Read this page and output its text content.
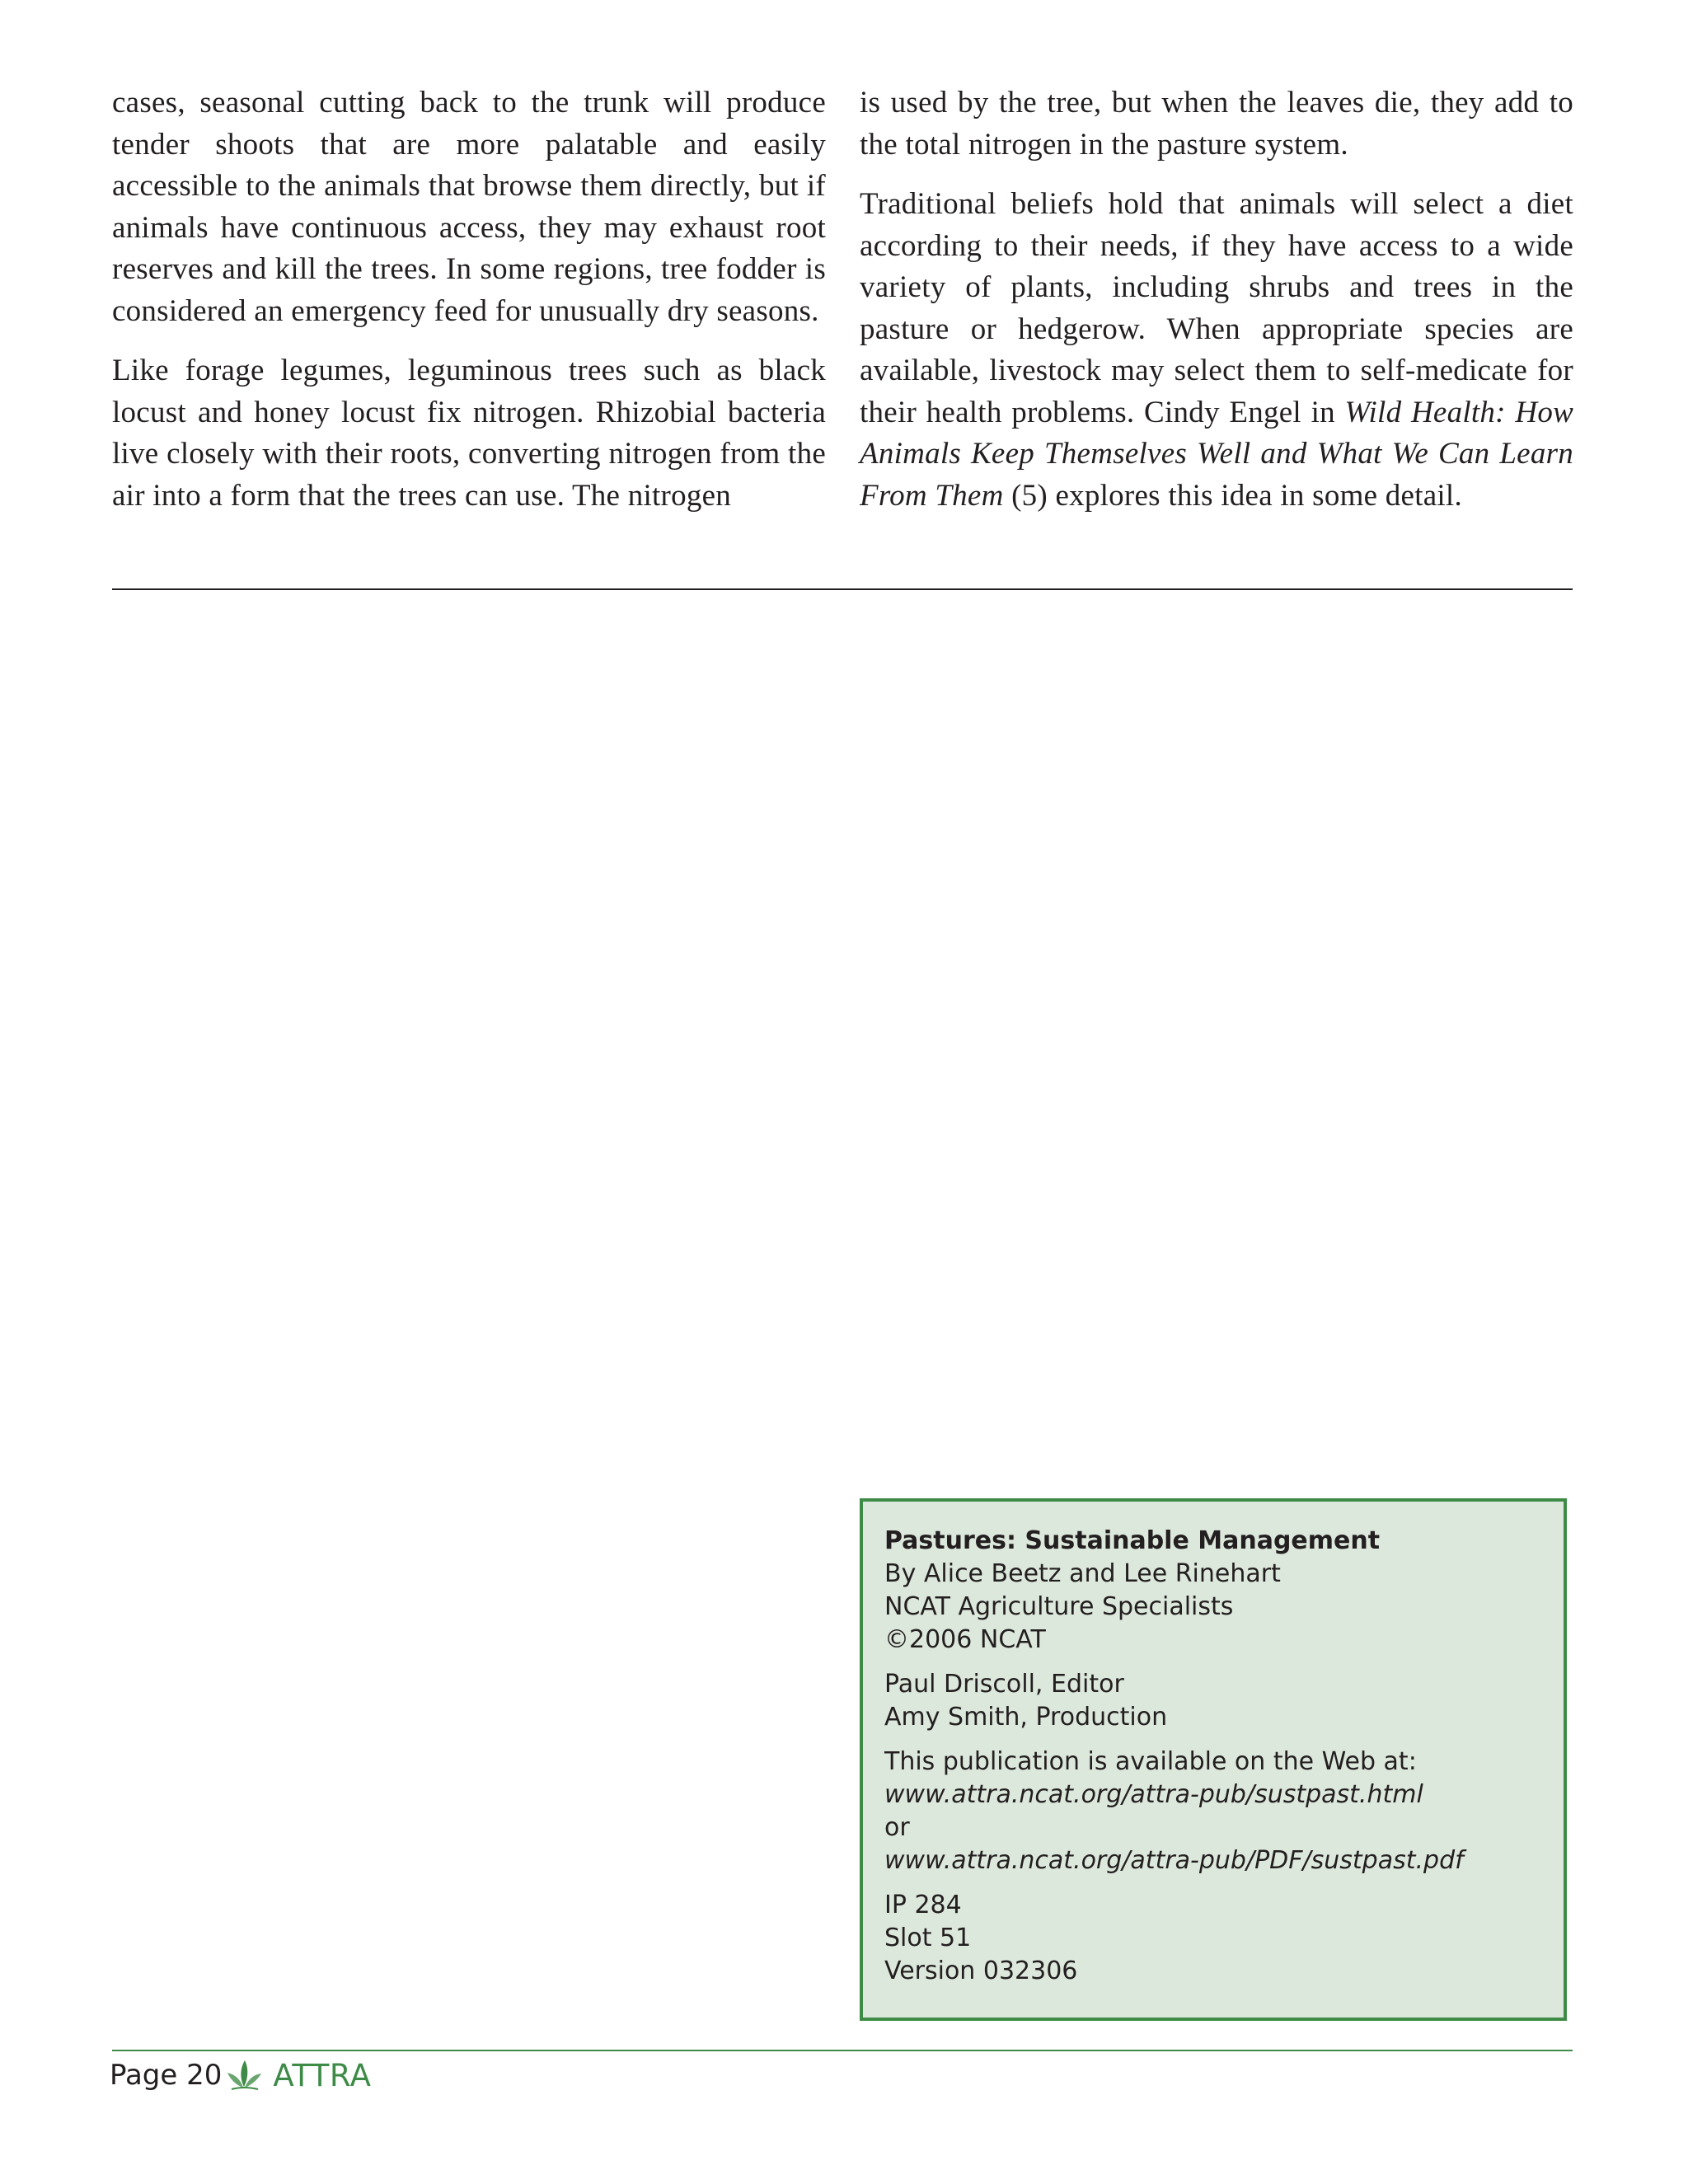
cases, seasonal cutting back to the trunk will produce tender shoots that are more palatable and easily accessible to the animals that browse them directly, but if animals have continuous access, they may exhaust root reserves and kill the trees. In some regions, tree fodder is considered an emergency feed for unusually dry seasons.

Like forage legumes, leguminous trees such as black locust and honey locust fix nitrogen. Rhizobial bacteria live closely with their roots, converting nitrogen from the air into a form that the trees can use. The nitrogen

is used by the tree, but when the leaves die, they add to the total nitrogen in the pasture system.

Traditional beliefs hold that animals will select a diet according to their needs, if they have access to a wide variety of plants, including shrubs and trees in the pasture or hedgerow. When appropriate species are available, livestock may select them to self-medicate for their health problems. Cindy Engel in Wild Health: How Animals Keep Themselves Well and What We Can Learn From Them (5) explores this idea in some detail.

Pastures: Sustainable Management
By Alice Beetz and Lee Rinehart
NCAT Agriculture Specialists
©2006 NCAT
Paul Driscoll, Editor
Amy Smith, Production
This publication is available on the Web at:
www.attra.ncat.org/attra-pub/sustpast.html
or
www.attra.ncat.org/attra-pub/PDF/sustpast.pdf
IP 284
Slot 51
Version 032306
Page 20 ATTRA
